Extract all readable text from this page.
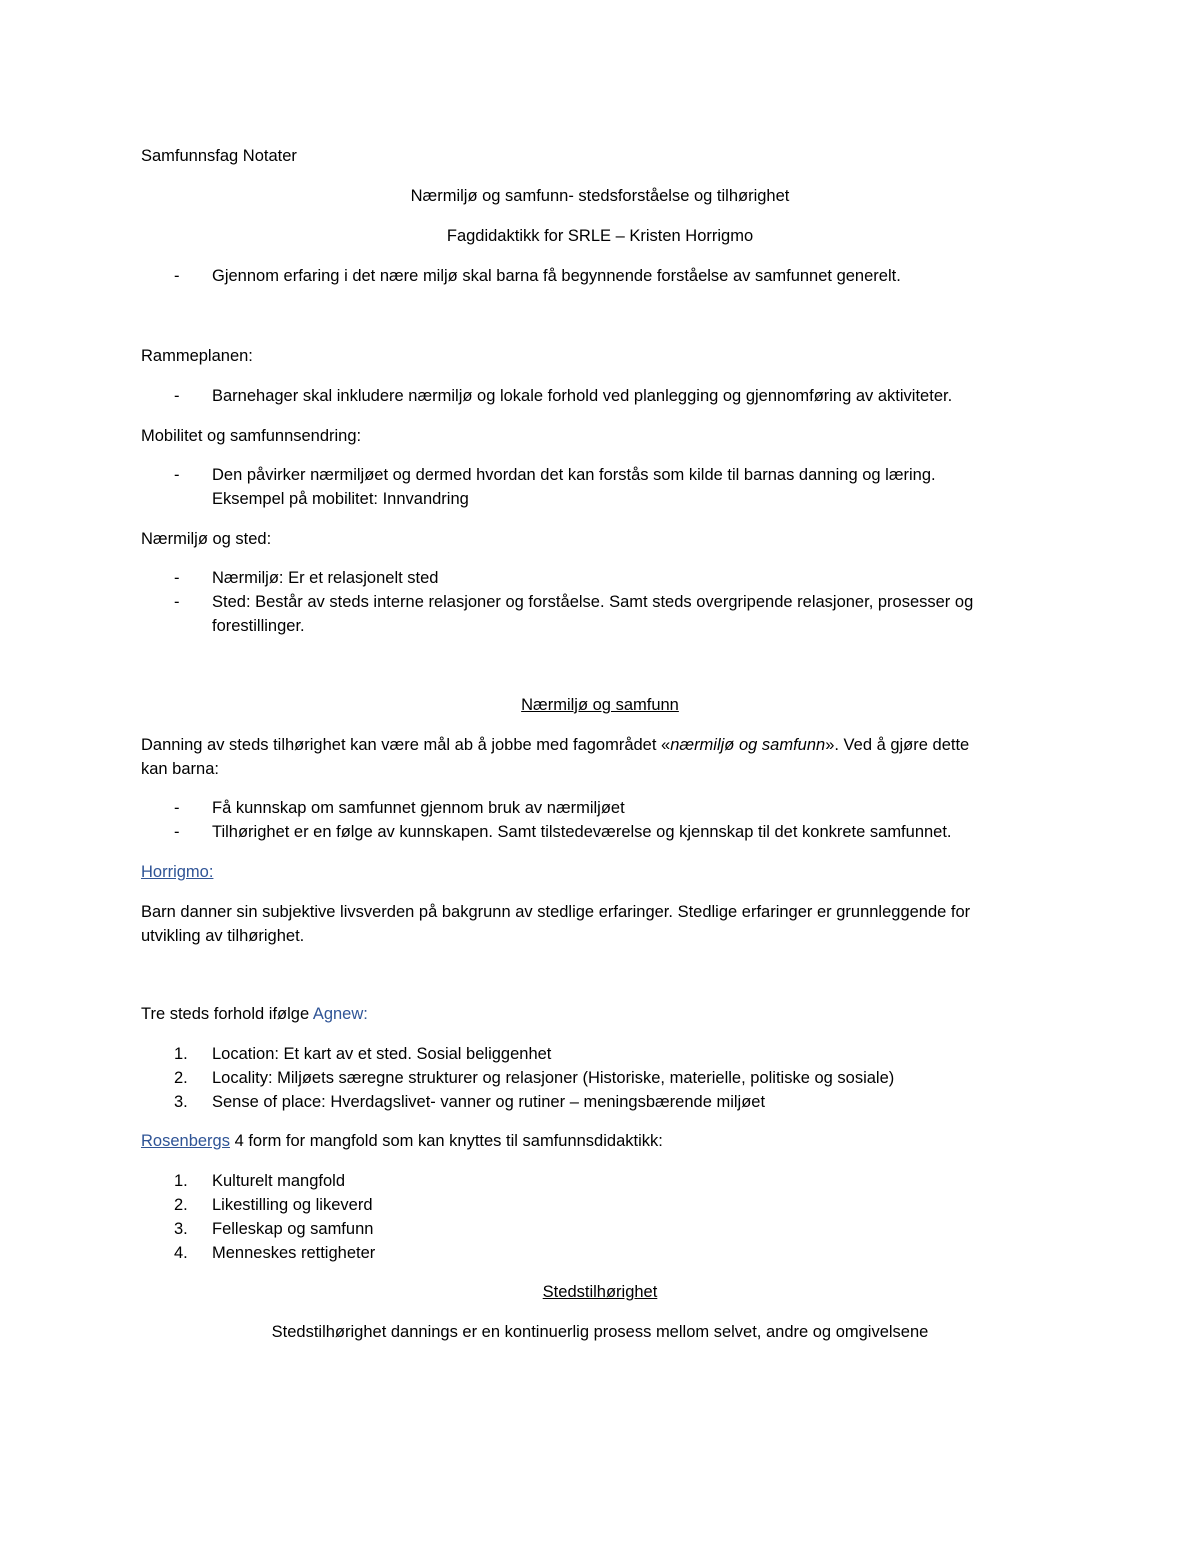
Samfunnsfag Notater
Nærmiljø og samfunn- stedsforståelse og tilhørighet
Fagdidaktikk for SRLE – Kristen Horrigmo
- Gjennom erfaring i det nære miljø skal barna få begynnende forståelse av samfunnet generelt.
Rammeplanen:
- Barnehager skal inkludere nærmiljø og lokale forhold ved planlegging og gjennomføring av aktiviteter.
Mobilitet og samfunnsendring:
- Den påvirker nærmiljøet og dermed hvordan det kan forstås som kilde til barnas danning og læring.
Eksempel på mobilitet: Innvandring
Nærmiljø og sted:
- Nærmiljø: Er et relasjonelt sted
- Sted: Består av steds interne relasjoner og forståelse. Samt steds overgripende relasjoner, prosesser og
forestillinger.
Nærmiljø og samfunn
Danning av steds tilhørighet kan være mål ab å jobbe med fagområdet «nærmiljø og samfunn». Ved å gjøre dette
kan barna:
- Få kunnskap om samfunnet gjennom bruk av nærmiljøet
- Tilhørighet er en følge av kunnskapen. Samt tilstedeværelse og kjennskap til det konkrete samfunnet.
Horrigmo:
Barn danner sin subjektive livsverden på bakgrunn av stedlige erfaringer. Stedlige erfaringer er grunnleggende for
utvikling av tilhørighet.
Tre steds forhold ifølge Agnew:
1. Location: Et kart av et sted. Sosial beliggenhet
2. Locality: Miljøets særegne strukturer og relasjoner (Historiske, materielle, politiske og sosiale)
3. Sense of place: Hverdagslivet- vanner og rutiner – meningsbærende miljøet
Rosenbergs 4 form for mangfold som kan knyttes til samfunnsdidaktikk:
1. Kulturelt mangfold
2. Likestilling og likeverd
3. Felleskap og samfunn
4. Menneskes rettigheter
Stedstilhørighet
Stedstilhørighet dannings er en kontinuerlig prosess mellom selvet, andre og omgivelsene
